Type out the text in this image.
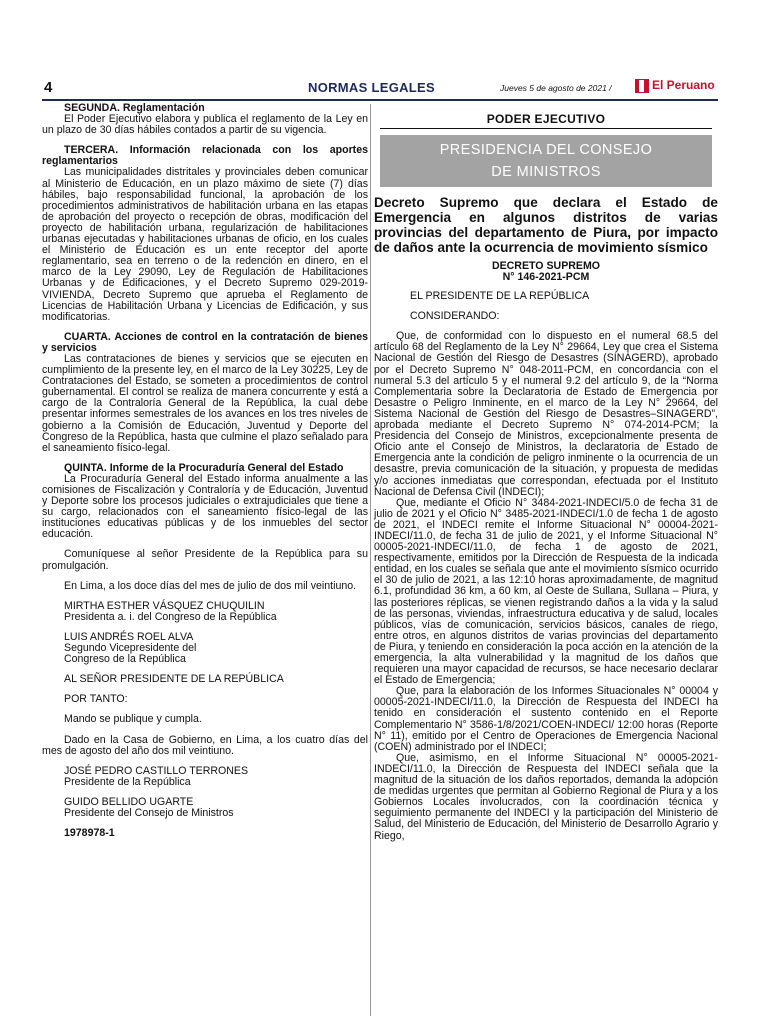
4	NORMAS LEGALES	Jueves 5 de agosto de 2021 /	El Peruano

SEGUNDA. Reglamentación

El Poder Ejecutivo elabora y publica el reglamento de la Ley en un plazo de 30 días hábiles contados a partir de su vigencia.

TERCERA. Información relacionada con los aportes reglamentarios

Las municipalidades distritales y provinciales deben comunicar al Ministerio de Educación, en un plazo máximo de siete (7) días hábiles, bajo responsabilidad funcional, la aprobación de los procedimientos administrativos de habilitación urbana en las etapas de aprobación del proyecto o recepción de obras, modificación del proyecto de habilitación urbana, regularización de habilitaciones urbanas ejecutadas y habilitaciones urbanas de oficio, en los cuales el Ministerio de Educación es un ente receptor del aporte reglamentario, sea en terreno o de la redención en dinero, en el marco de la Ley 29090, Ley de Regulación de Habilitaciones Urbanas y de Edificaciones, y el Decreto Supremo 029-2019-VIVIENDA, Decreto Supremo que aprueba el Reglamento de Licencias de Habilitación Urbana y Licencias de Edificación, y sus modificatorias.

CUARTA. Acciones de control en la contratación de bienes y servicios

Las contrataciones de bienes y servicios que se ejecuten en cumplimiento de la presente ley, en el marco de la Ley 30225, Ley de Contrataciones del Estado, se someten a procedimientos de control gubernamental. El control se realiza de manera concurrente y está a cargo de la Contraloría General de la República, la cual debe presentar informes semestrales de los avances en los tres niveles de gobierno a la Comisión de Educación, Juventud y Deporte del Congreso de la República, hasta que culmine el plazo señalado para el saneamiento físico-legal.

QUINTA. Informe de la Procuraduría General del Estado

La Procuraduría General del Estado informa anualmente a las comisiones de Fiscalización y Contraloría y de Educación, Juventud y Deporte sobre los procesos judiciales o extrajudiciales que tiene a su cargo, relacionados con el saneamiento físico-legal de las instituciones educativas públicas y de los inmuebles del sector educación.

Comuníquese al señor Presidente de la República para su promulgación.

En Lima, a los doce días del mes de julio de dos mil veintiuno.

MIRTHA ESTHER VÁSQUEZ CHUQUILIN

Presidenta a. i. del Congreso de la República

LUIS ANDRÉS ROEL ALVA

Segundo Vicepresidente del

Congreso de la República

AL SEÑOR PRESIDENTE DE LA REPÚBLICA

POR TANTO:

Mando se publique y cumpla.

Dado en la Casa de Gobierno, en Lima, a los cuatro días del mes de agosto del año dos mil veintiuno.

JOSÉ PEDRO CASTILLO TERRONES

Presidente de la República

GUIDO BELLIDO UGARTE

Presidente del Consejo de Ministros

1978978-1

PODER EJECUTIVO
PRESIDENCIA DEL CONSEJO
DE MINISTROS
Decreto Supremo que declara el Estado de Emergencia en algunos distritos de varias provincias del departamento de Piura, por impacto de daños ante la ocurrencia de movimiento sísmico

DECRETO SUPREMO

N° 146-2021-PCM

EL PRESIDENTE DE LA REPÚBLICA

CONSIDERANDO:

Que, de conformidad con lo dispuesto en el numeral 68.5 del artículo 68 del Reglamento de la Ley N° 29664, Ley que crea el Sistema Nacional de Gestión del Riesgo de Desastres (SINAGERD), aprobado por el Decreto Supremo N° 048-2011-PCM, en concordancia con el numeral 5.3 del artículo 5 y el numeral 9.2 del artículo 9, de la “Norma Complementaria sobre la Declaratoria de Estado de Emergencia por Desastre o Peligro Inminente, en el marco de la Ley N° 29664, del Sistema Nacional de Gestión del Riesgo de Desastres–SINAGERD”, aprobada mediante el Decreto Supremo N° 074-2014-PCM; la Presidencia del Consejo de Ministros, excepcionalmente presenta de Oficio ante el Consejo de Ministros, la declaratoria de Estado de Emergencia ante la condición de peligro inminente o la ocurrencia de un desastre, previa comunicación de la situación, y propuesta de medidas y/o acciones inmediatas que correspondan, efectuada por el Instituto Nacional de Defensa Civil (INDECI);

Que, mediante el Oficio N° 3484-2021-INDECI/5.0 de fecha 31 de julio de 2021 y el Oficio N° 3485-2021-INDECI/1.0 de fecha 1 de agosto de 2021, el INDECI remite el Informe Situacional N° 00004-2021-INDECI/11.0, de fecha 31 de julio de 2021, y el Informe Situacional N° 00005-2021-INDECI/11.0, de fecha 1 de agosto de 2021, respectivamente, emitidos por la Dirección de Respuesta de la indicada entidad, en los cuales se señala que ante el movimiento sísmico ocurrido el 30 de julio de 2021, a las 12:10 horas aproximadamente, de magnitud 6.1, profundidad 36 km, a 60 km, al Oeste de Sullana, Sullana – Piura, y las posteriores réplicas, se vienen registrando daños a la vida y la salud de las personas, viviendas, infraestructura educativa y de salud, locales públicos, vías de comunicación, servicios básicos, canales de riego, entre otros, en algunos distritos de varias provincias del departamento de Piura, y teniendo en consideración la poca acción en la atención de la emergencia, la alta vulnerabilidad y la magnitud de los daños que requieren una mayor capacidad de recursos, se hace necesario declarar el Estado de Emergencia;

Que, para la elaboración de los Informes Situacionales N° 00004 y 00005-2021-INDECI/11.0, la Dirección de Respuesta del INDECI ha tenido en consideración el sustento contenido en el Reporte Complementario N° 3586-1/8/2021/COEN-INDECI/ 12:00 horas (Reporte N° 11), emitido por el Centro de Operaciones de Emergencia Nacional (COEN) administrado por el INDECI;

Que, asimismo, en el Informe Situacional N° 00005-2021-INDECI/11.0, la Dirección de Respuesta del INDECI señala que la magnitud de la situación de los daños reportados, demanda la adopción de medidas urgentes que permitan al Gobierno Regional de Piura y a los Gobiernos Locales involucrados, con la coordinación técnica y seguimiento permanente del INDECI y la participación del Ministerio de Salud, del Ministerio de Educación, del Ministerio de Desarrollo Agrario y Riego,
